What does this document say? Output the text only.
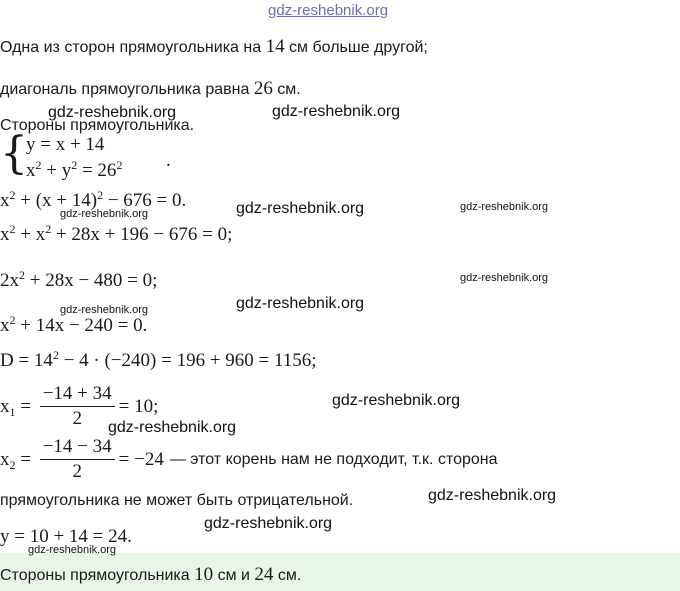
gdz-reshebnik.org
Одна из сторон прямоугольника на 14 см больше другой;
диагональ прямоугольника равна 26 см.
Стороны прямоугольника.
{
y = x + 14
$x^2 + y^2 = 26^2$ .
$x^2 + (x + 14)^2 - 676 = 0$.
$x^2 + x^2 + 28x + 196 - 676 = 0$;
$2x^2 + 28x - 480 = 0$;
$x^2 + 14x - 240 = 0$.
$D = 14^2 - 4 \cdot (-240) = 196 + 960 = 1156$;
$x_1 = \frac{-14 + 34}{2} = 10$;
$x_2 = \frac{-14 - 34}{2} = -24$ — этот корень нам не подходит, т.к. сторона
прямоугольника не может быть отрицательной.
y = 10 + 14 = 24.
Стороны прямоугольника 10 см и 24 см.
gdz-reshebnik.org	gdz-reshebnik.org
gdz-reshebnik.org
gdz-reshebnik.org
gdz-reshebnik.org
gdz-reshebnik.org
gdz-reshebnik.org
gdz-reshebnik.org
gdz-reshebnik.org
gdz-reshebnik.org
gdz-reshebnik.org
gdz-reshebnik.org
gdz-reshebnik.org
